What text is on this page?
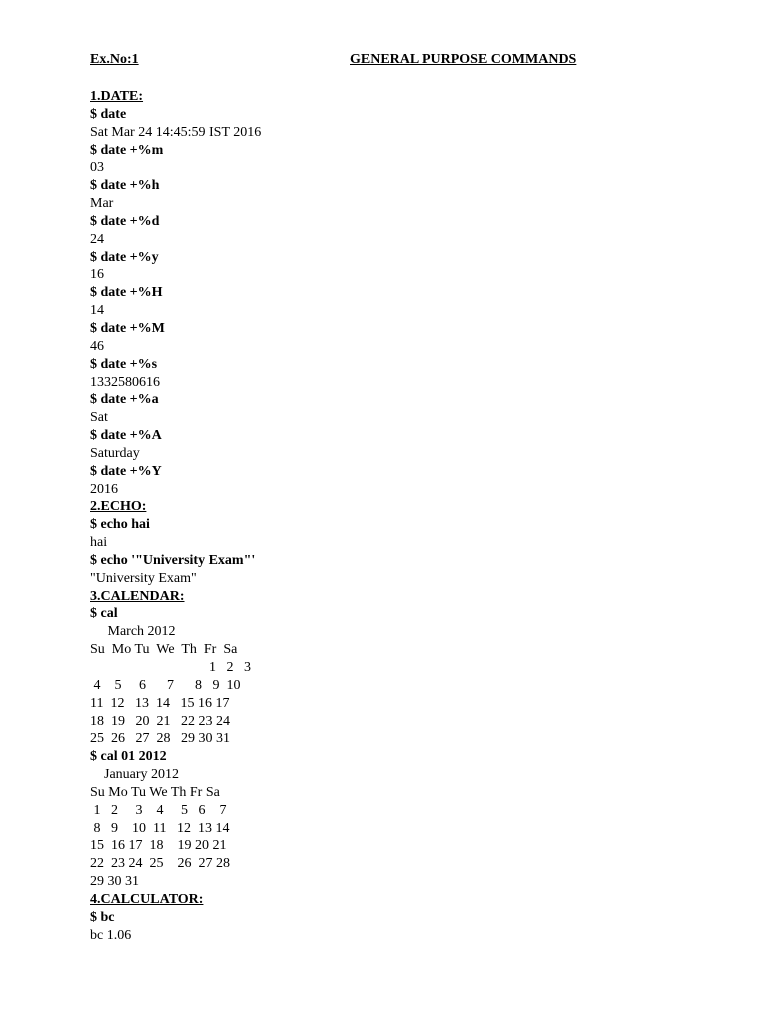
Ex.No:1	GENERAL PURPOSE COMMANDS
1.DATE:
$ date
Sat Mar 24 14:45:59 IST 2016
$ date +%m
03
$ date +%h
Mar
$ date +%d
24
$ date +%y
16
$ date +%H
14
$ date +%M
46
$ date +%s
1332580616
$ date +%a
Sat
$ date +%A
Saturday
$ date +%Y
2016
2.ECHO:
$ echo hai
hai
$ echo '"University Exam"'
"University Exam"
3.CALENDAR:
$ cal
March 2012
Su  Mo Tu  We  Th  Fr  Sa
1   2   3
4    5     6      7      8   9  10
11  12   13  14   15 16 17
18  19   20  21   22 23 24
25  26   27  28   29 30 31
$ cal 01 2012
January 2012
Su Mo Tu We Th Fr Sa
1   2     3    4     5   6    7
8   9    10  11   12  13 14
15  16 17  18    19 20 21
22  23 24  25    26  27 28
29 30 31
4.CALCULATOR:
$ bc
bc 1.06
